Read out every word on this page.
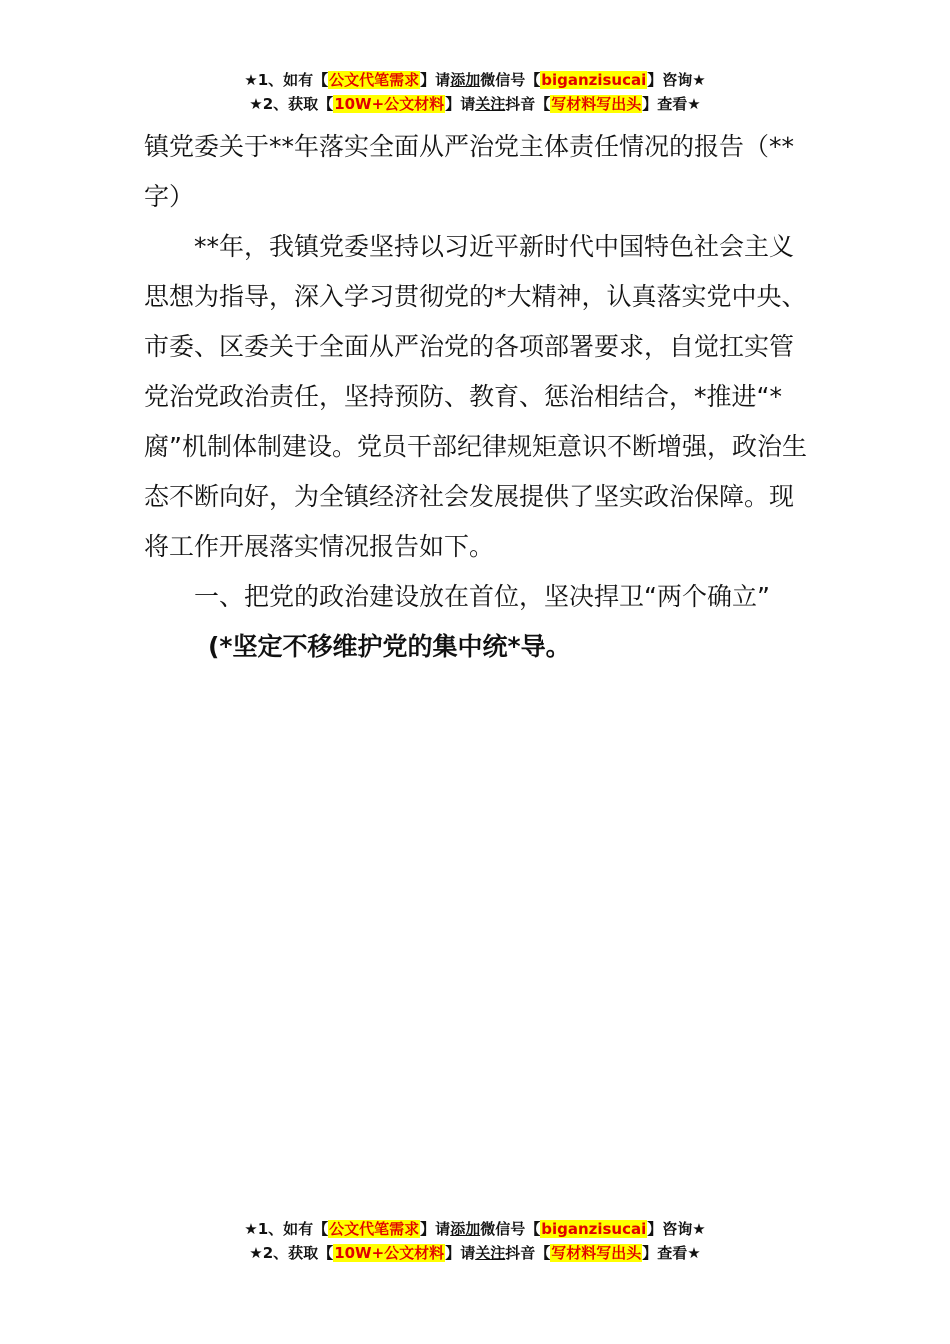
★1、如有【公文代笔需求】请添加微信号【biganzisucai】咨询★
★2、获取【10W+公文材料】请关注抖音【写材料写出头】查看★

镇党委关于**年落实全面从严治党主体责任情况的报告（**字）

**年，我镇党委坚持以习近平新时代中国特色社会主义思想为指导，深入学习贯彻党的*大精神，认真落实党中央、市委、区委关于全面从严治党的各项部署要求，自觉扛实管党治党政治责任，坚持预防、教育、惩治相结合，*推进“*腐”机制体制建设。党员干部纪律规矩意识不断增强，政治生态不断向好，为全镇经济社会发展提供了坚实政治保障。现将工作开展落实情况报告如下。

一、把党的政治建设放在首位，坚决捍卫“两个确立”

(*坚定不移维护党的集中统*导。

★1、如有【公文代笔需求】请添加微信号【biganzisucai】咨询★
★2、获取【10W+公文材料】请关注抖音【写材料写出头】查看★
